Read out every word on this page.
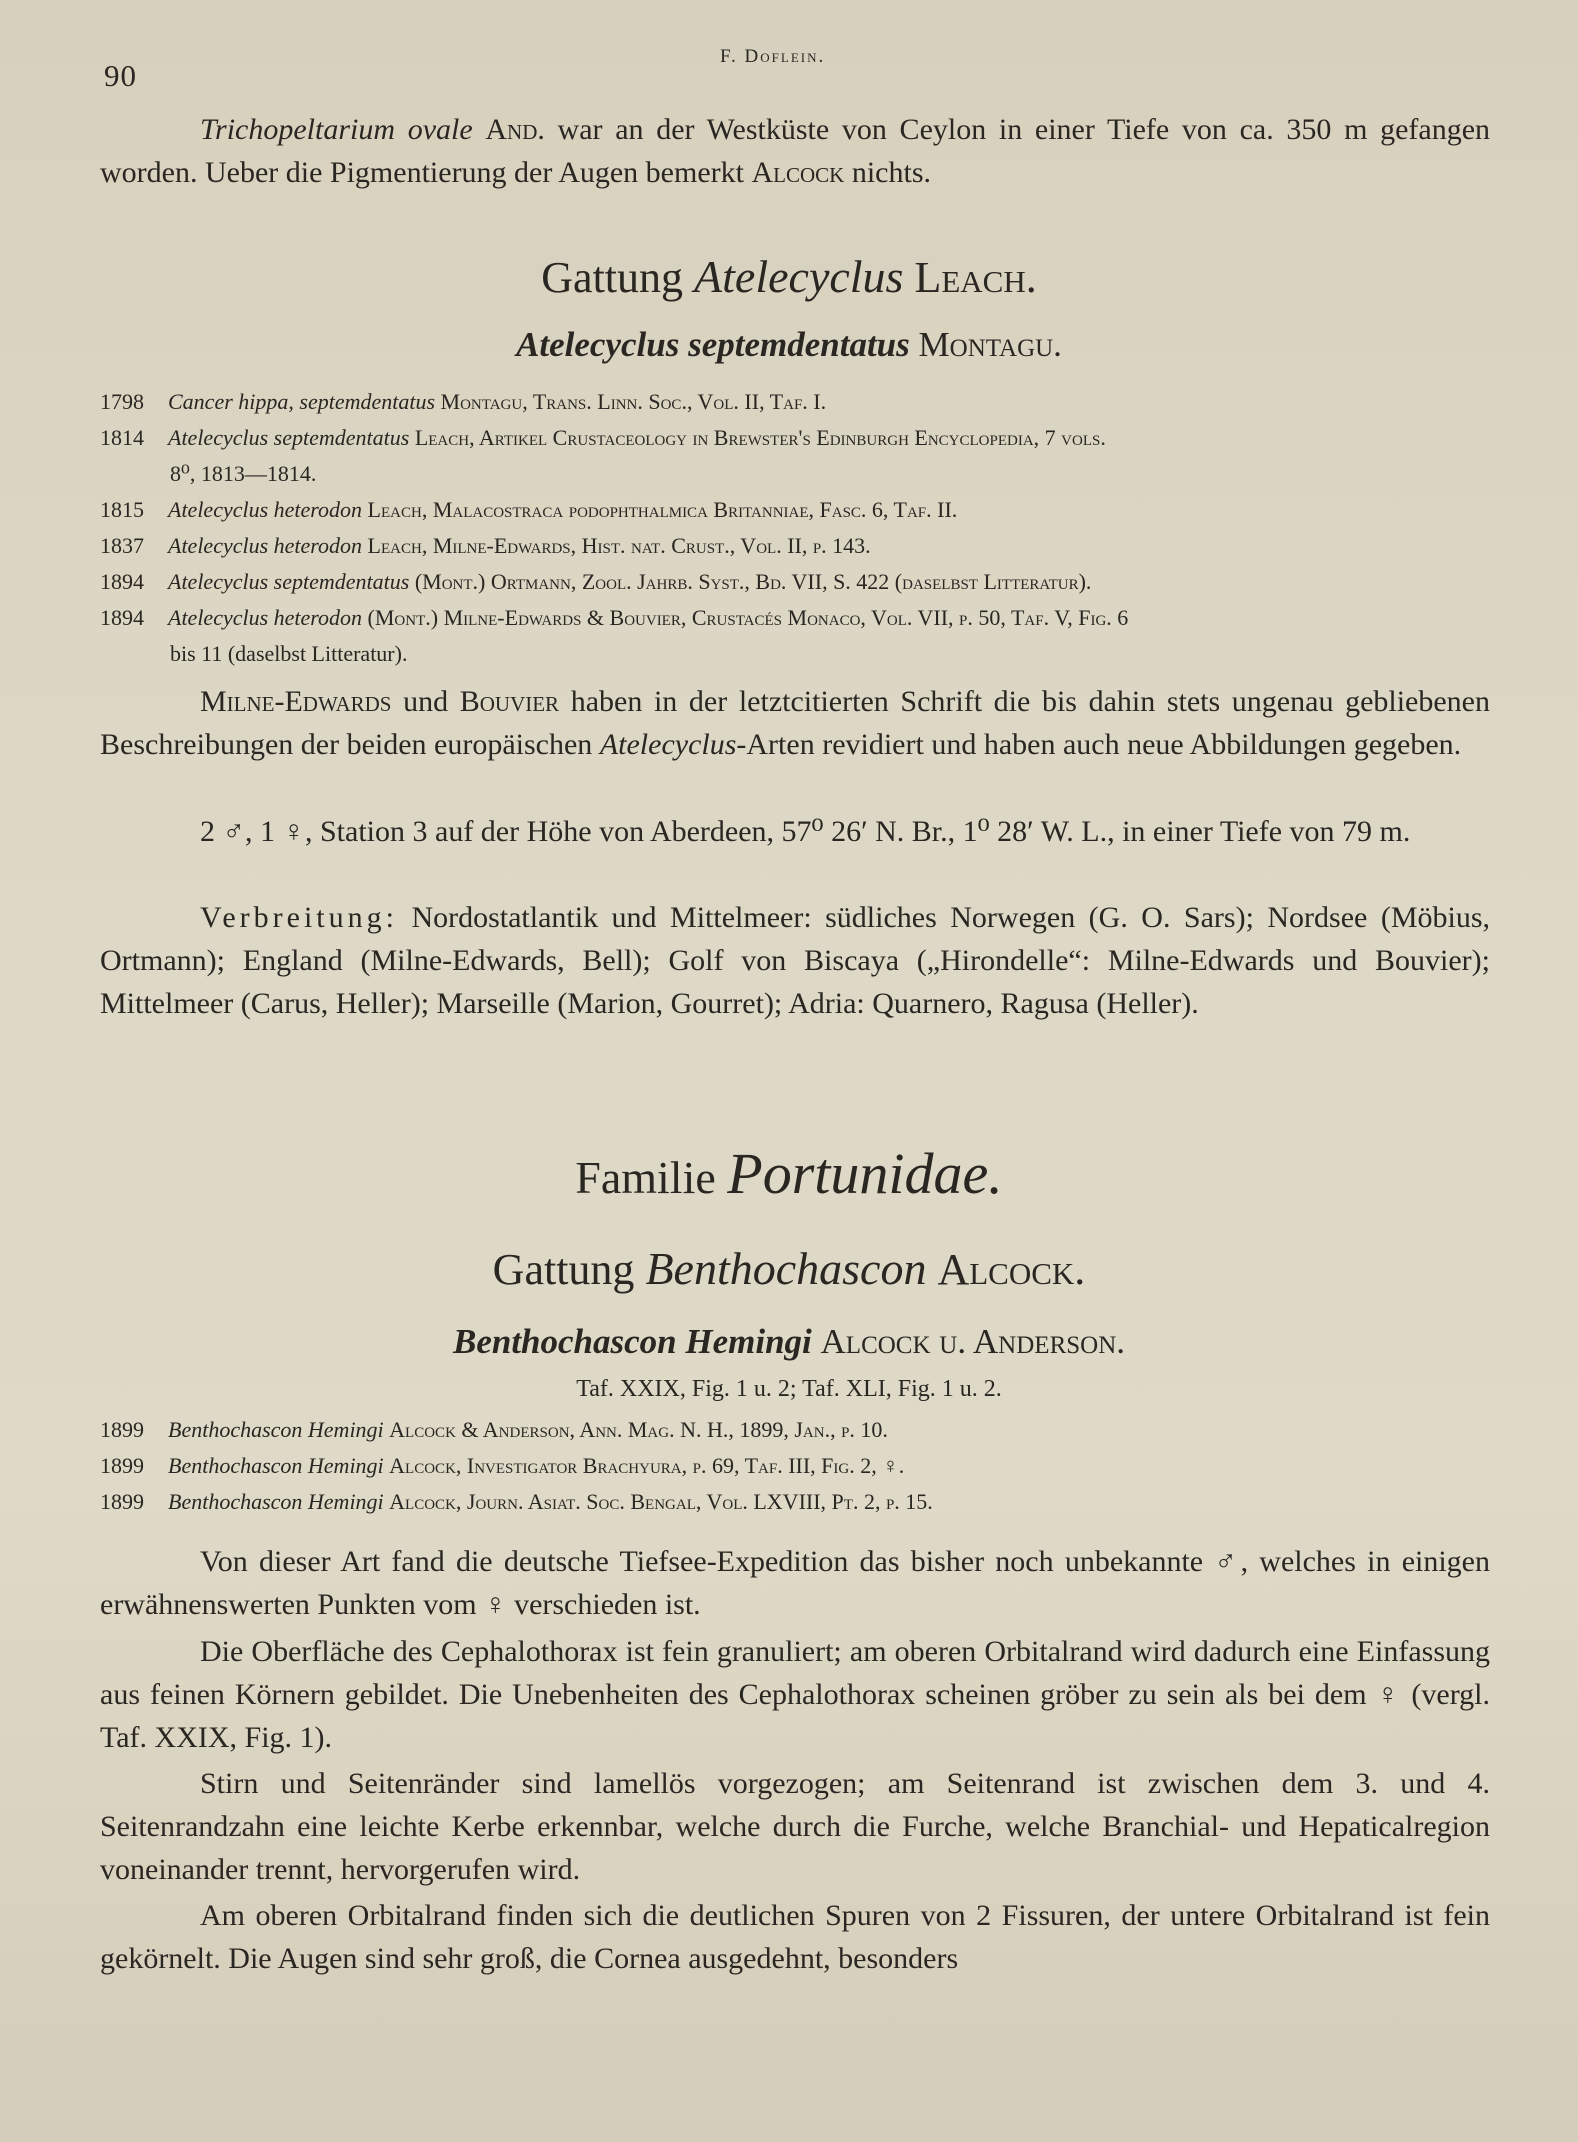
90
F. Doflein.
Trichopeltarium ovale And. war an der Westküste von Ceylon in einer Tiefe von ca. 350 m gefangen worden. Ueber die Pigmentierung der Augen bemerkt Alcock nichts.
Gattung Atelecyclus Leach.
Atelecyclus septemdentatus Montagu.
1798 Cancer hippa, septemdentatus Montagu, Trans. Linn. Soc., Vol. II, Taf. I.
1814 Atelecyclus septemdentatus Leach, Artikel Crustaceology in Brewster's Edinburgh Encyclopedia, 7 vols.
8⁰, 1813—1814.
1815 Atelecyclus heterodon Leach, Malacostraca podophthalmica Britanniae, Fasc. 6, Taf. II.
1837 Atelecyclus heterodon Leach, Milne-Edwards, Hist. nat. Crust., Vol. II, p. 143.
1894 Atelecyclus septemdentatus (Mont.) Ortmann, Zool. Jahrb. Syst., Bd. VII, S. 422 (daselbst Litteratur).
1894 Atelecyclus heterodon (Mont.) Milne-Edwards & Bouvier, Crustacés Monaco, Vol. VII, p. 50, Taf. V, Fig. 6
bis 11 (daselbst Litteratur).
Milne-Edwards und Bouvier haben in der letztcitierten Schrift die bis dahin stets ungenau gebliebenen Beschreibungen der beiden europäischen Atelecyclus-Arten revidiert und haben auch neue Abbildungen gegeben.
2 ♂, 1 ♀, Station 3 auf der Höhe von Aberdeen, 57⁰ 26′ N. Br., 1⁰ 28′ W. L., in einer Tiefe von 79 m.
Verbreitung: Nordostatlantik und Mittelmeer: südliches Norwegen (G. O. Sars); Nordsee (Möbius, Ortmann); England (Milne-Edwards, Bell); Golf von Biscaya („Hirondelle“: Milne-Edwards und Bouvier); Mittelmeer (Carus, Heller); Marseille (Marion, Gourret); Adria: Quarnero, Ragusa (Heller).
Familie Portunidae.
Gattung Benthochascon Alcock.
Benthochascon Hemingi Alcock u. Anderson.
Taf. XXIX, Fig. 1 u. 2; Taf. XLI, Fig. 1 u. 2.
1899 Benthochascon Hemingi Alcock & Anderson, Ann. Mag. N. H., 1899, Jan., p. 10.
1899 Benthochascon Hemingi Alcock, Investigator Brachyura, p. 69, Taf. III, Fig. 2, ♀.
1899 Benthochascon Hemingi Alcock, Journ. Asiat. Soc. Bengal, Vol. LXVIII, Pt. 2, p. 15.
Von dieser Art fand die deutsche Tiefsee-Expedition das bisher noch unbekannte ♂, welches in einigen erwähnenswerten Punkten vom ♀ verschieden ist.
Die Oberfläche des Cephalothorax ist fein granuliert; am oberen Orbitalrand wird dadurch eine Einfassung aus feinen Körnern gebildet. Die Unebenheiten des Cephalothorax scheinen gröber zu sein als bei dem ♀ (vergl. Taf. XXIX, Fig. 1).
Stirn und Seitenränder sind lamellös vorgezogen; am Seitenrand ist zwischen dem 3. und 4. Seitenrandzahn eine leichte Kerbe erkennbar, welche durch die Furche, welche Branchial- und Hepaticalregion voneinander trennt, hervorgerufen wird.
Am oberen Orbitalrand finden sich die deutlichen Spuren von 2 Fissuren, der untere Orbitalrand ist fein gekörnelt. Die Augen sind sehr groß, die Cornea ausgedehnt, besonders
